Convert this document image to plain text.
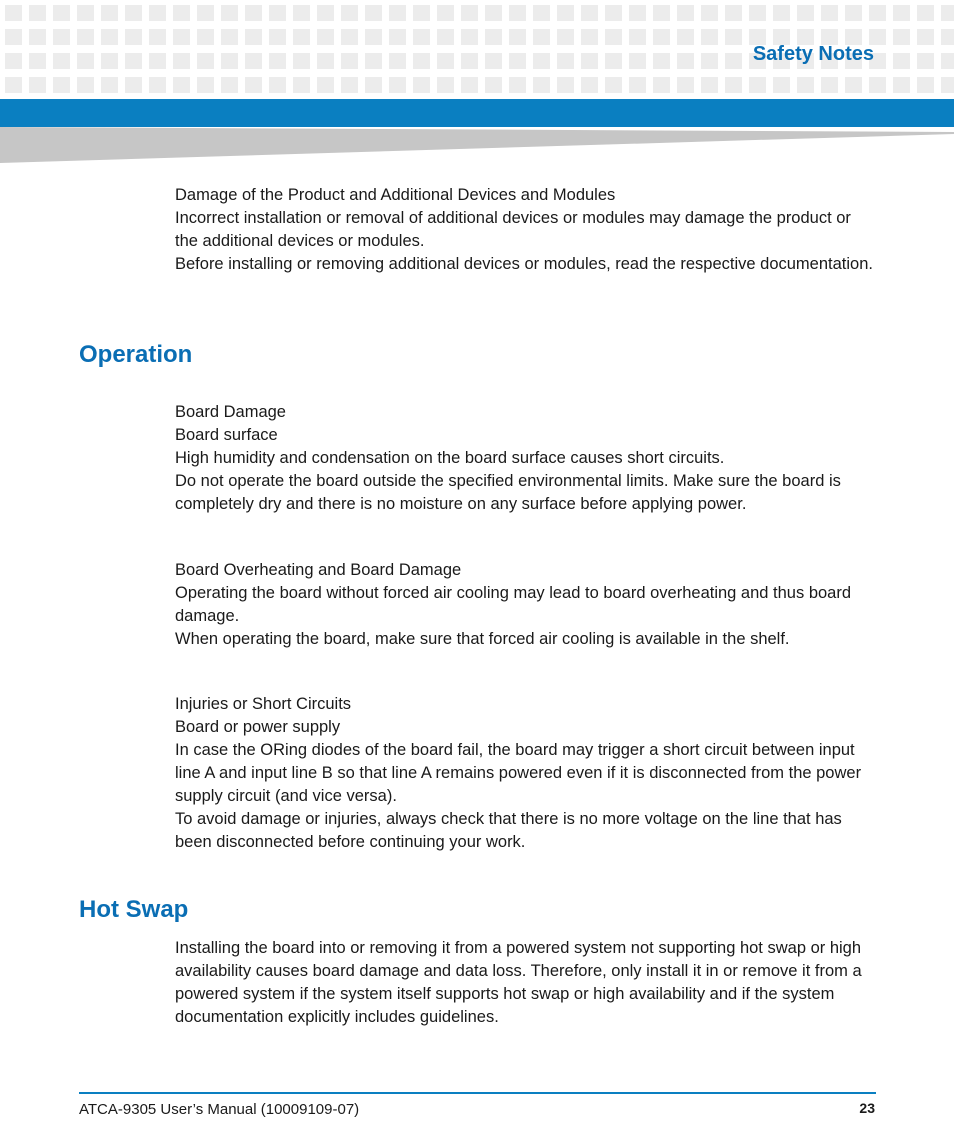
Safety Notes

Damage of the Product and Additional Devices and Modules

Incorrect installation or removal of additional devices or modules may damage the product or the additional devices or modules.

Before installing or removing additional devices or modules, read the respective documentation.

Operation

Board Damage

Board surface

High humidity and condensation on the board surface causes short circuits.

Do not operate the board outside the specified environmental limits. Make sure the board is completely dry and there is no moisture on any surface before applying power.

Board Overheating and Board Damage

Operating the board without forced air cooling may lead to board overheating and thus board damage.

When operating the board, make sure that forced air cooling is available in the shelf.

Injuries or Short Circuits

Board or power supply

In case the ORing diodes of the board fail, the board may trigger a short circuit between input line A and input line B so that line A remains powered even if it is disconnected from the power supply circuit (and vice versa).

To avoid damage or injuries, always check that there is no more voltage on the line that has been disconnected before continuing your work.

Hot Swap

Installing the board into or removing it from a powered system not supporting hot swap or high availability causes board damage and data loss. Therefore, only install it in or remove it from a powered system if the system itself supports hot swap or high availability and if the system documentation explicitly includes guidelines.

ATCA-9305 User’s Manual (10009109-07)	23
